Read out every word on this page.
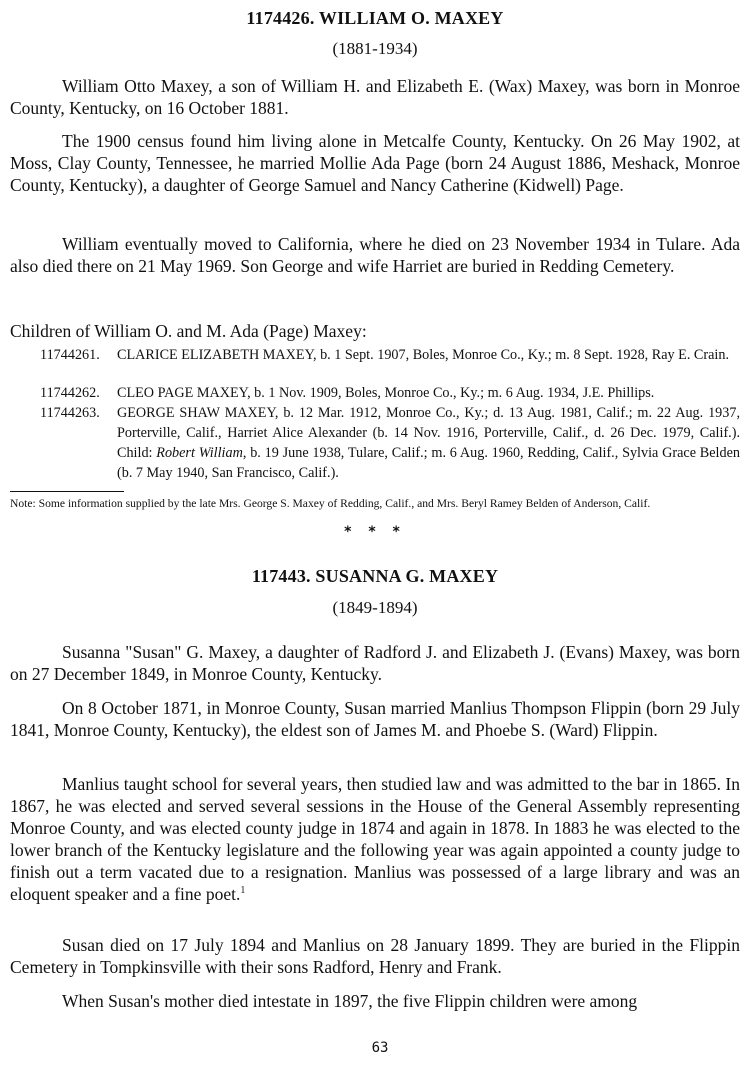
1174426. WILLIAM O. MAXEY
(1881-1934)

William Otto Maxey, a son of William H. and Elizabeth E. (Wax) Maxey, was born in Monroe County, Kentucky, on 16 October 1881.

The 1900 census found him living alone in Metcalfe County, Kentucky. On 26 May 1902, at Moss, Clay County, Tennessee, he married Mollie Ada Page (born 24 August 1886, Meshack, Monroe County, Kentucky), a daughter of George Samuel and Nancy Catherine (Kidwell) Page.

William eventually moved to California, where he died on 23 November 1934 in Tulare. Ada also died there on 21 May 1969. Son George and wife Harriet are buried in Redding Cemetery.

Children of William O. and M. Ada (Page) Maxey:
11744261.	CLARICE ELIZABETH MAXEY, b. 1 Sept. 1907, Boles, Monroe Co., Ky.; m. 8 Sept. 1928, Ray E. Crain.
11744262.	CLEO PAGE MAXEY, b. 1 Nov. 1909, Boles, Monroe Co., Ky.; m. 6 Aug. 1934, J.E. Phillips.
11744263.	GEORGE SHAW MAXEY, b. 12 Mar. 1912, Monroe Co., Ky.; d. 13 Aug. 1981, Calif.; m. 22 Aug. 1937, Porterville, Calif., Harriet Alice Alexander (b. 14 Nov. 1916, Porterville, Calif., d. 26 Dec. 1979, Calif.). Child: Robert William, b. 19 June 1938, Tulare, Calif.; m. 6 Aug. 1960, Redding, Calif., Sylvia Grace Belden (b. 7 May 1940, San Francisco, Calif.).
Note: Some information supplied by the late Mrs. George S. Maxey of Redding, Calif., and Mrs. Beryl Ramey Belden of Anderson, Calif.
* * *
117443. SUSANNA G. MAXEY
(1849-1894)

Susanna "Susan" G. Maxey, a daughter of Radford J. and Elizabeth J. (Evans) Maxey, was born on 27 December 1849, in Monroe County, Kentucky.

On 8 October 1871, in Monroe County, Susan married Manlius Thompson Flippin (born 29 July 1841, Monroe County, Kentucky), the eldest son of James M. and Phoebe S. (Ward) Flippin.

Manlius taught school for several years, then studied law and was admitted to the bar in 1865. In 1867, he was elected and served several sessions in the House of the General Assembly representing Monroe County, and was elected county judge in 1874 and again in 1878. In 1883 he was elected to the lower branch of the Kentucky legislature and the following year was again appointed a county judge to finish out a term vacated due to a resignation. Manlius was possessed of a large library and was an eloquent speaker and a fine poet.$^1$

Susan died on 17 July 1894 and Manlius on 28 January 1899. They are buried in the Flippin Cemetery in Tompkinsville with their sons Radford, Henry and Frank.

When Susan's mother died intestate in 1897, the five Flippin children were among

63
